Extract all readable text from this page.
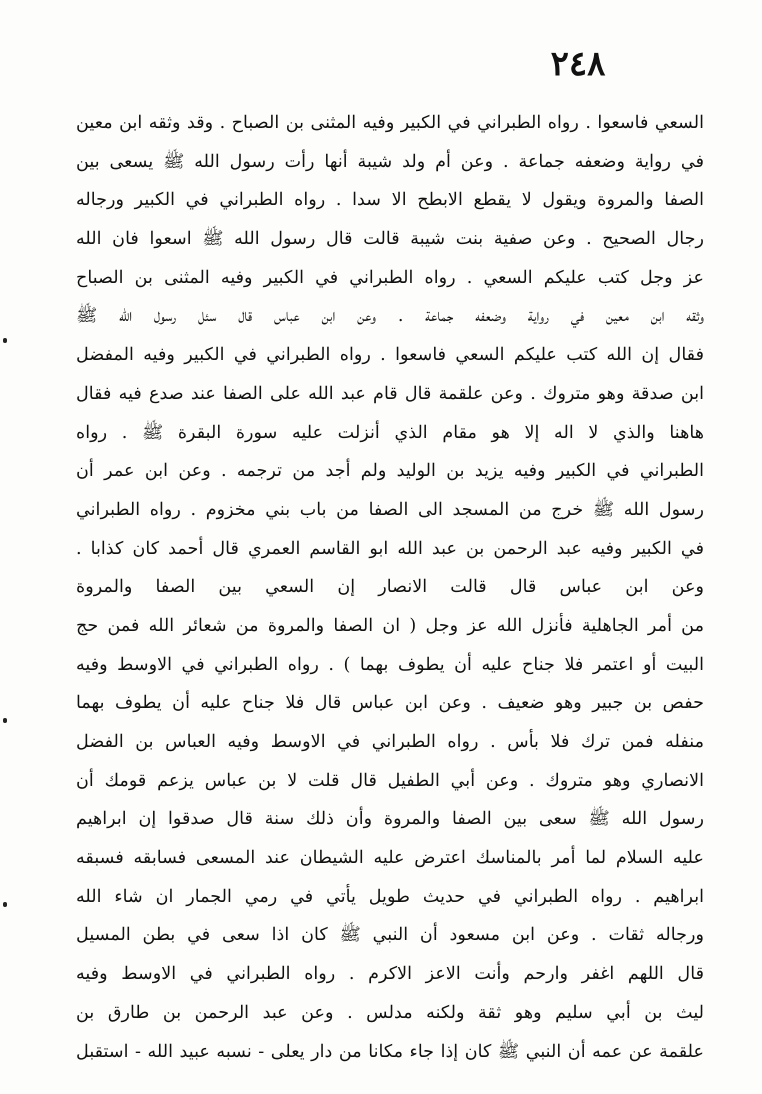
٢٤٨
السعي فاسعوا . رواه الطبراني في الكبير وفيه المثنى بن الصباح . وقد وثقه ابن معين
في رواية وضعفه جماعة . وعن أم ولد شيبة أنها رأت رسول الله ﷺ يسعى بين
الصفا والمروة ويقول لا يقطع الابطح الا سدا . رواه الطبراني في الكبير ورجاله
رجال الصحيح . وعن صفية بنت شيبة قالت قال رسول الله ﷺ اسعوا فان الله
عز وجل كتب عليكم السعي . رواه الطبراني في الكبير وفيه المثنى بن الصباح
وثقه ابن معين في رواية وضعفه جماعة . وعن ابن عباس قال سئل رسول الله ﷺ
فقال إن الله كتب عليكم السعي فاسعوا . رواه الطبراني في الكبير وفيه المفضل
ابن صدقة وهو متروك . وعن علقمة قال قام عبد الله على الصفا عند صدع فيه فقال
هاهنا والذي لا اله إلا هو مقام الذي أنزلت عليه سورة البقرة ﷺ . رواه
الطبراني في الكبير وفيه يزيد بن الوليد ولم أجد من ترجمه . وعن ابن عمر أن
رسول الله ﷺ خرج من المسجد الى الصفا من باب بني مخزوم . رواه الطبراني
في الكبير وفيه عبد الرحمن بن عبد الله ابو القاسم العمري قال أحمد كان كذابا .
وعن ابن عباس قال قالت الانصار إن السعي بين الصفا والمروة
من أمر الجاهلية فأنزل الله عز وجل ( ان الصفا والمروة من شعائر الله فمن حج
البيت أو اعتمر فلا جناح عليه أن يطوف بهما ) . رواه الطبراني في الاوسط وفيه
حفص بن جبير وهو ضعيف . وعن ابن عباس قال فلا جناح عليه أن يطوف بهما
منفله فمن ترك فلا بأس . رواه الطبراني في الاوسط وفيه العباس بن الفضل
الانصاري وهو متروك . وعن أبي الطفيل قال قلت لا بن عباس يزعم قومك أن
رسول الله ﷺ سعى بين الصفا والمروة وأن ذلك سنة قال صدقوا إن ابراهيم
عليه السلام لما أمر بالمناسك اعترض عليه الشيطان عند المسعى فسابقه فسبقه
ابراهيم . رواه الطبراني في حديث طويل يأتي في رمي الجمار ان شاء الله
ورجاله ثقات . وعن ابن مسعود أن النبي ﷺ كان اذا سعى في بطن المسيل
قال اللهم اغفر وارحم وأنت الاعز الاكرم . رواه الطبراني في الاوسط وفيه
ليث بن أبي سليم وهو ثقة ولكنه مدلس . وعن عبد الرحمن بن طارق بن
علقمة عن عمه أن النبي ﷺ كان إذا جاء مكانا من دار يعلى - نسبه عبيد الله - استقبل
